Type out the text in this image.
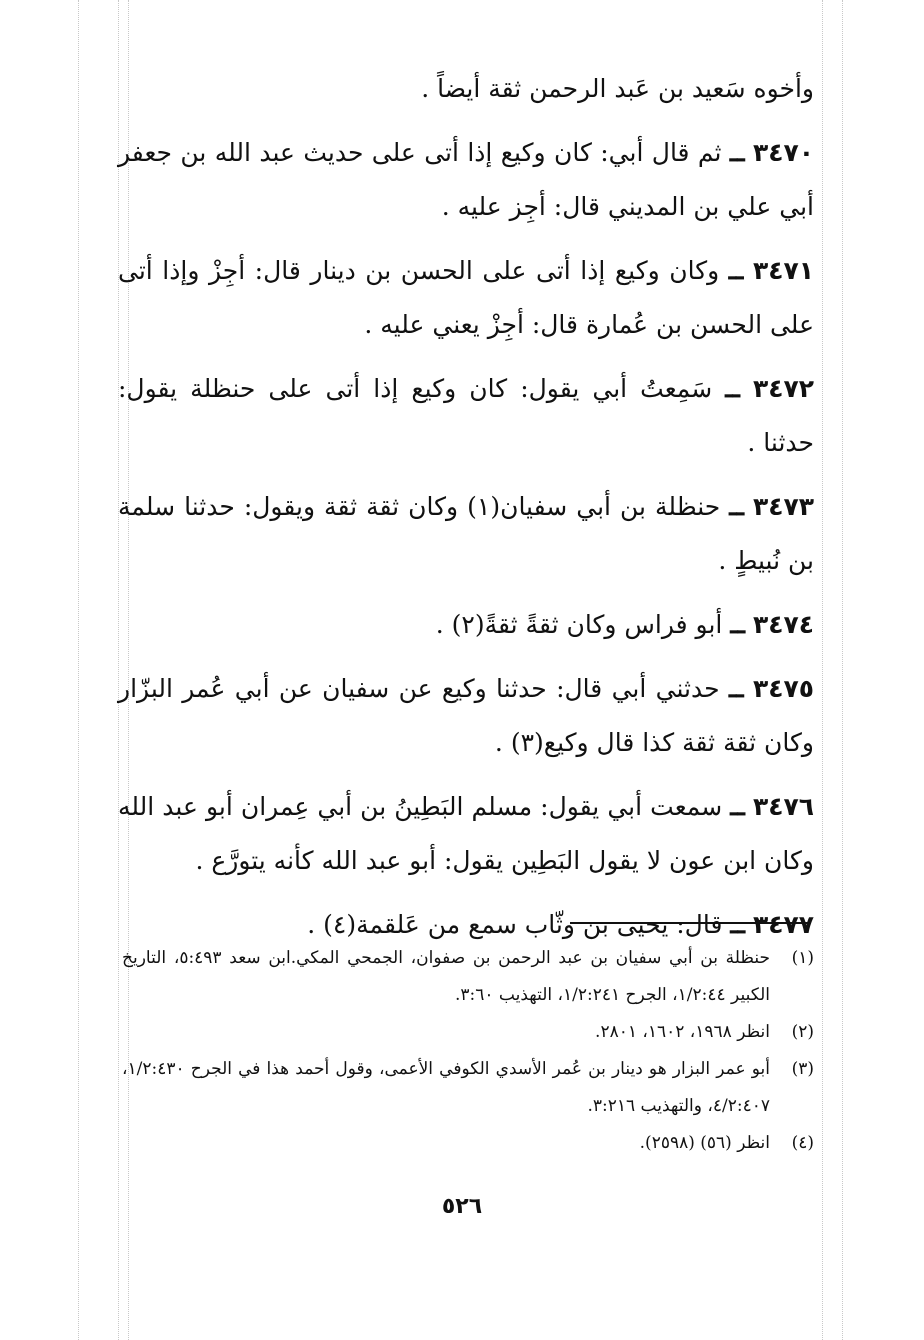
وأخوه سَعيد بن عَبد الرحمن ثقة أيضاً .

٣٤٧٠ ــ ثم قال أبي: كان وكيع إذا أتى على حديث عبد الله بن جعفر أبي علي بن المديني قال: أجِز عليه .

٣٤٧١ ــ وكان وكيع إذا أتى على الحسن بن دينار قال: أجِزْ وإذا أتى على الحسن بن عُمارة قال: أجِزْ يعني عليه .

٣٤٧٢ ــ سَمِعتُ أبي يقول: كان وكيع إذا أتى على حنظلة يقول: حدثنا .

٣٤٧٣ ــ حنظلة بن أبي سفيان(١) وكان ثقة ثقة ويقول: حدثنا سلمة بن نُبيطٍ .

٣٤٧٤ ــ أبو فراس وكان ثقةً ثقةً(٢) .

٣٤٧٥ ــ حدثني أبي قال: حدثنا وكيع عن سفيان عن أبي عُمر البزّار وكان ثقة ثقة كذا قال وكيع(٣) .

٣٤٧٦ ــ سمعت أبي يقول: مسلم البَطِينُ بن أبي عِمران أبو عبد الله وكان ابن عون لا يقول البَطِين يقول: أبو عبد الله كأنه يتورَّع .

٣٤٧٧ ــ قال: يحيى بن وثّاب سمع من عَلقمة(٤) .

(١)
حنظلة بن أبي سفيان بن عبد الرحمن بن صفوان، الجمحي المكي.ابن سعد ٥:٤٩٣، التاريخ الكبير ١/٢:٤٤، الجرح ١/٢:٢٤١، التهذيب ٣:٦٠.
(٢)
انظر ١٩٦٨، ١٦٠٢، ٢٨٠١.
(٣)
أبو عمر البزار هو دينار بن عُمر الأسدي الكوفي الأعمى، وقول أحمد هذا في الجرح ١/٢:٤٣٠، ٤/٢:٤٠٧، والتهذيب ٣:٢١٦.
(٤)
انظر (٥٦) (٢٥٩٨).
٥٢٦
